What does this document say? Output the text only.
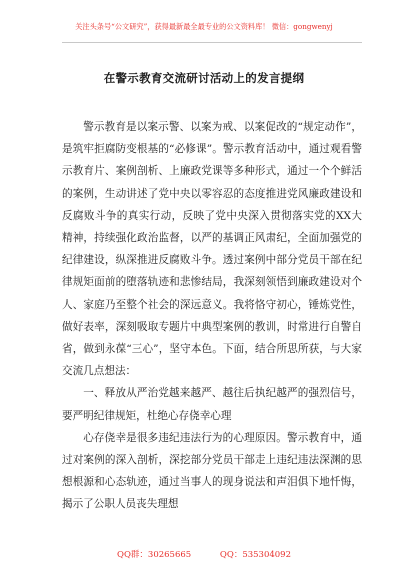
关注头条号“公文研究”，获得最新最全最专业的公文资料库！ 微信：gongwenyj
在警示教育交流研讨活动上的发言提纲

警示教育是以案示警、以案为戒、以案促改的“规定动作”，是筑牢拒腐防变根基的“必修课”。警示教育活动中，通过观看警示教育片、案例剖析、上廉政党课等多种形式，通过一个个鲜活的案例，生动讲述了党中央以零容忍的态度推进党风廉政建设和反腐败斗争的真实行动，反映了党中央深入贯彻落实党的XX大精神，持续强化政治监督，以严的基调正风肃纪，全面加强党的纪律建设，纵深推进反腐败斗争。透过案例中部分党员干部在纪律规矩面前的堕落轨迹和悲惨结局，我深刻领悟到廉政建设对个人、家庭乃至整个社会的深远意义。我将恪守初心，锤炼党性，做好表率，深刻吸取专题片中典型案例的教训，时常进行自警自省，做到永葆“三心”，坚守本色。下面，结合所思所获，与大家交流几点想法：

一、释放从严治党越来越严、越往后执纪越严的强烈信号，要严明纪律规矩，杜绝心存侥幸心理

心存侥幸是很多违纪违法行为的心理原因。警示教育中，通过对案例的深入剖析，深挖部分党员干部走上违纪违法深渊的思想根源和心态轨迹，通过当事人的现身说法和声泪俱下地忏悔，揭示了公职人员丧失理想

QQ群：30265665 QQ：535304092
